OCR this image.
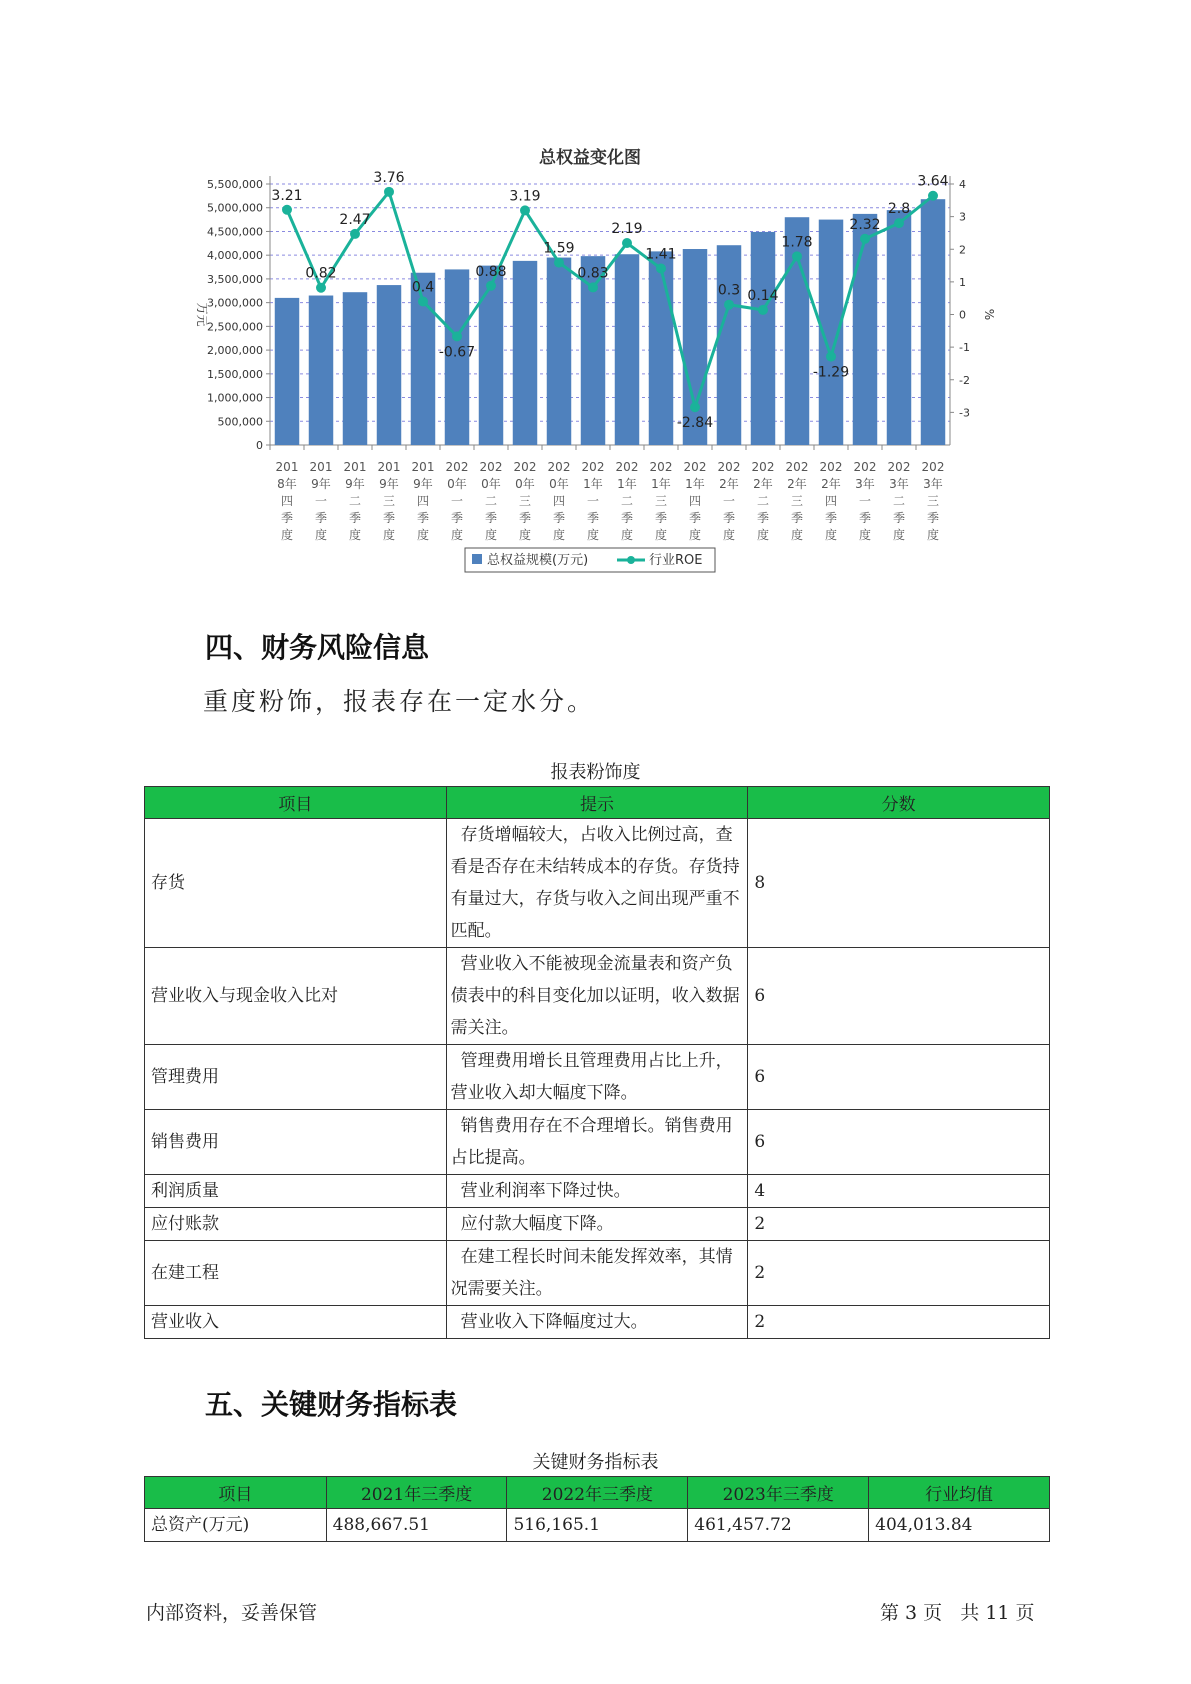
总权益变化图
0
500,000
1,000,000
1,500,000
2,000,000
2,500,000
3,000,000
3,500,000
4,000,000
4,500,000
5,000,000
5,500,000
-3
-2
-1
0
1
2
3
4
万元	%
201
8年
四
季
度
201
9年
一
季
度
201
9年
二
季
度
201
9年
三
季
度
201
9年
四
季
度
202
0年
一
季
度
202
0年
二
季
度
202
0年
三
季
度
202
0年
四
季
度
202
1年
一
季
度
202
1年
二
季
度
202
1年
三
季
度
202
1年
四
季
度
202
2年
一
季
度
202
2年
二
季
度
202
2年
三
季
度
202
2年
四
季
度
202
3年
一
季
度
202
3年
二
季
度
202
3年
三
季
度
3.21
0.82
2.47
3.76
0.4
-0.67
0.88
3.19
1.59
0.83
2.19
1.41
-2.84
0.3 0.14
1.78
-1.29
2.32
2.8
3.64
总权益规模(万元)	行业ROE
四、财务风险信息
重度粉饰，报表存在一定水分。
报表粉饰度
项目	提示	分数
存货	存货增幅较大，占收入比例过高，查看是否存在未结转成本的存货。存货持有量过大，存货与收入之间出现严重不匹配。	8
营业收入与现金收入比对	营业收入不能被现金流量表和资产负债表中的科目变化加以证明，收入数据需关注。	6
管理费用	管理费用增长且管理费用占比上升，营业收入却大幅度下降。	6
销售费用	销售费用存在不合理增长。销售费用占比提高。	6
利润质量	营业利润率下降过快。	4
应付账款	应付款大幅度下降。	2
在建工程	在建工程长时间未能发挥效率，其情况需要关注。	2
营业收入	营业收入下降幅度过大。	2
五、关键财务指标表
关键财务指标表
项目	2021年三季度	2022年三季度	2023年三季度	行业均值
总资产(万元)	488,667.51	516,165.1	461,457.72	404,013.84
内部资料，妥善保管	第 3 页   共 11 页
